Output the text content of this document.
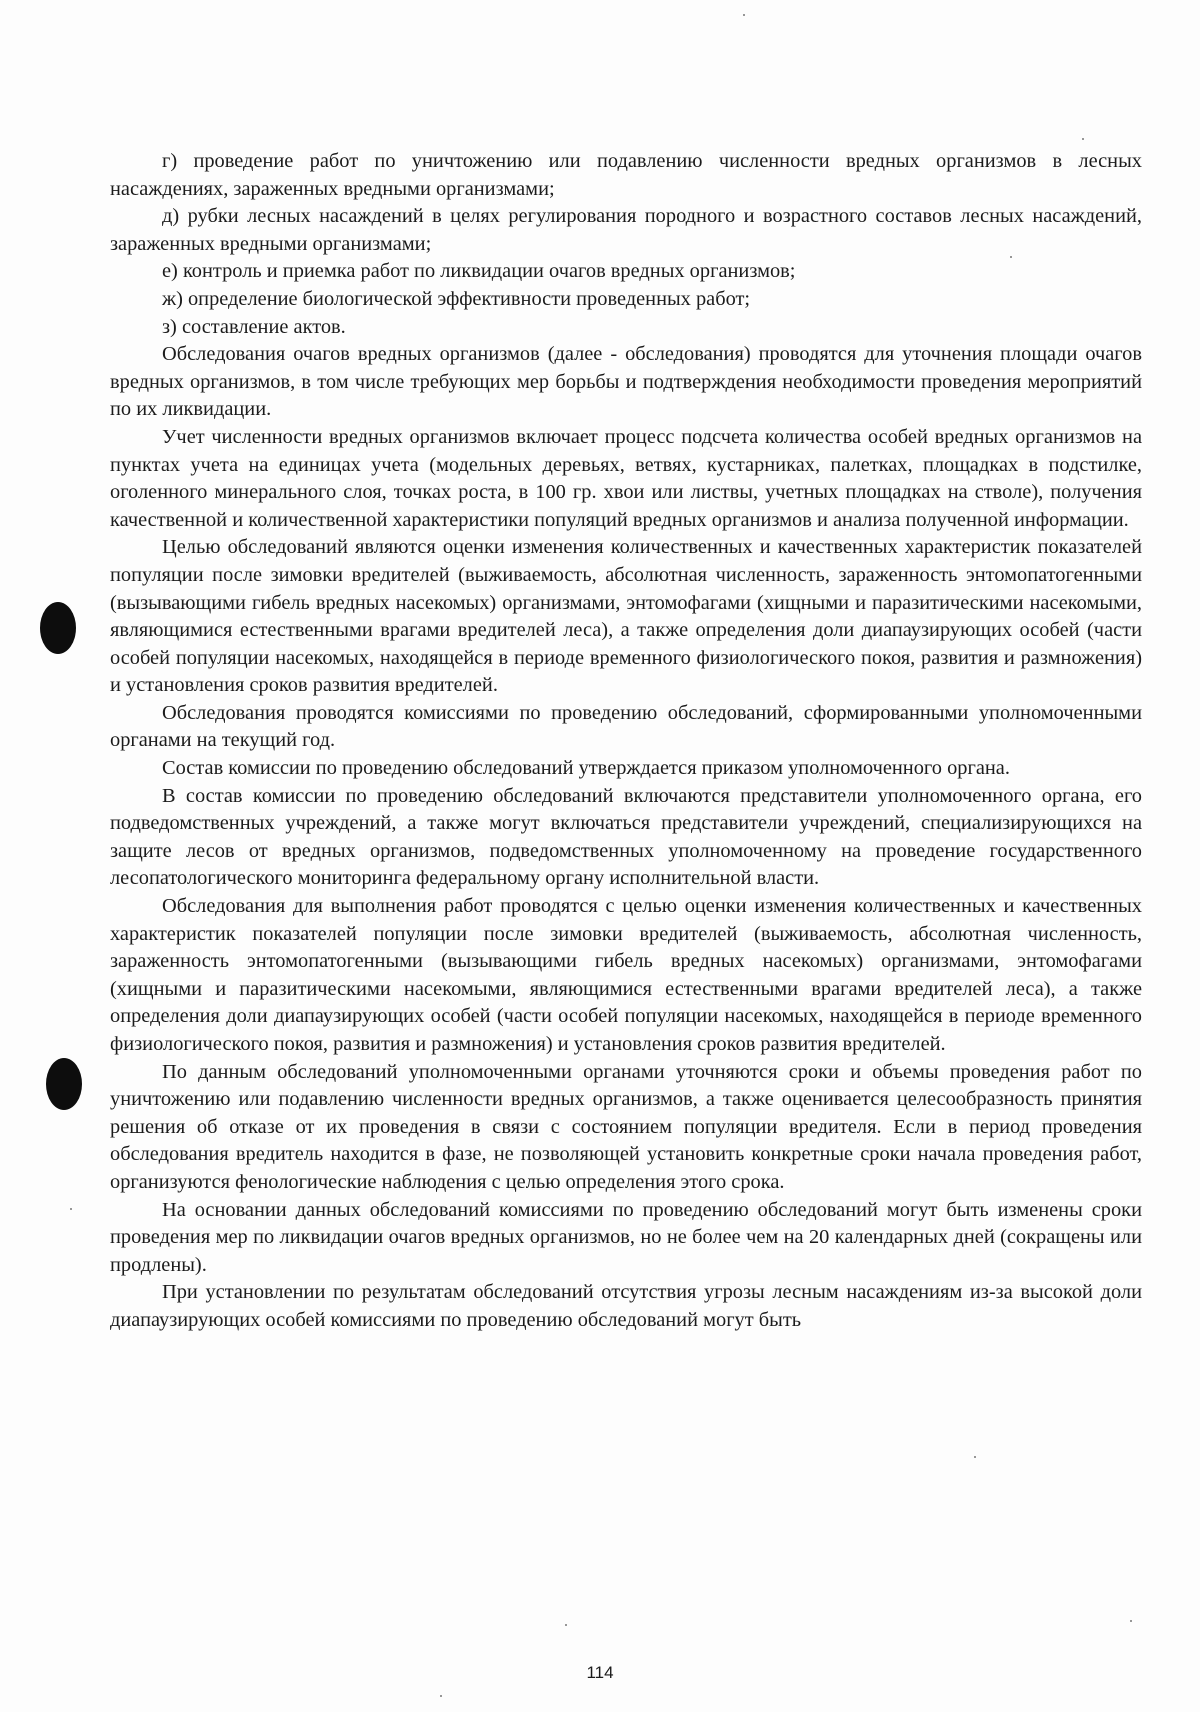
г) проведение работ по уничтожению или подавлению численности вредных организмов в лесных насаждениях, зараженных вредными организмами;

д) рубки лесных насаждений в целях регулирования породного и возрастного составов лесных насаждений, зараженных вредными организмами;

е) контроль и приемка работ по ликвидации очагов вредных организмов;

ж) определение биологической эффективности проведенных работ;

з) составление актов.

Обследования очагов вредных организмов (далее - обследования) проводятся для уточнения площади очагов вредных организмов, в том числе требующих мер борьбы и подтверждения необходимости проведения мероприятий по их ликвидации.

Учет численности вредных организмов включает процесс подсчета количества особей вредных организмов на пунктах учета на единицах учета (модельных деревьях, ветвях, кустарниках, палетках, площадках в подстилке, оголенного минерального слоя, точках роста, в 100 гр. хвои или листвы, учетных площадках на стволе), получения качественной и количественной характеристики популяций вредных организмов и анализа полученной информации.

Целью обследований являются оценки изменения количественных и качественных характеристик показателей популяции после зимовки вредителей (выживаемость, абсолютная численность, зараженность энтомопатогенными (вызывающими гибель вредных насекомых) организмами, энтомофагами (хищными и паразитическими насекомыми, являющимися естественными врагами вредителей леса), а также определения доли диапаузирующих особей (части особей популяции насекомых, находящейся в периоде временного физиологического покоя, развития и размножения) и установления сроков развития вредителей.

Обследования проводятся комиссиями по проведению обследований, сформированными уполномоченными органами на текущий год.

Состав комиссии по проведению обследований утверждается приказом уполномоченного органа.

В состав комиссии по проведению обследований включаются представители уполномоченного органа, его подведомственных учреждений, а также могут включаться представители учреждений, специализирующихся на защите лесов от вредных организмов, подведомственных уполномоченному на проведение государственного лесопатологического мониторинга федеральному органу исполнительной власти.

Обследования для выполнения работ проводятся с целью оценки изменения количественных и качественных характеристик показателей популяции после зимовки вредителей (выживаемость, абсолютная численность, зараженность энтомопатогенными (вызывающими гибель вредных насекомых) организмами, энтомофагами (хищными и паразитическими насекомыми, являющимися естественными врагами вредителей леса), а также определения доли диапаузирующих особей (части особей популяции насекомых, находящейся в периоде временного физиологического покоя, развития и размножения) и установления сроков развития вредителей.

По данным обследований уполномоченными органами уточняются сроки и объемы проведения работ по уничтожению или подавлению численности вредных организмов, а также оценивается целесообразность принятия решения об отказе от их проведения в связи с состоянием популяции вредителя. Если в период проведения обследования вредитель находится в фазе, не позволяющей установить конкретные сроки начала проведения работ, организуются фенологические наблюдения с целью определения этого срока.

На основании данных обследований комиссиями по проведению обследований могут быть изменены сроки проведения мер по ликвидации очагов вредных организмов, но не более чем на 20 календарных дней (сокращены или продлены).

При установлении по результатам обследований отсутствия угрозы лесным насаждениям из-за высокой доли диапаузирующих особей комиссиями по проведению обследований могут быть

114
